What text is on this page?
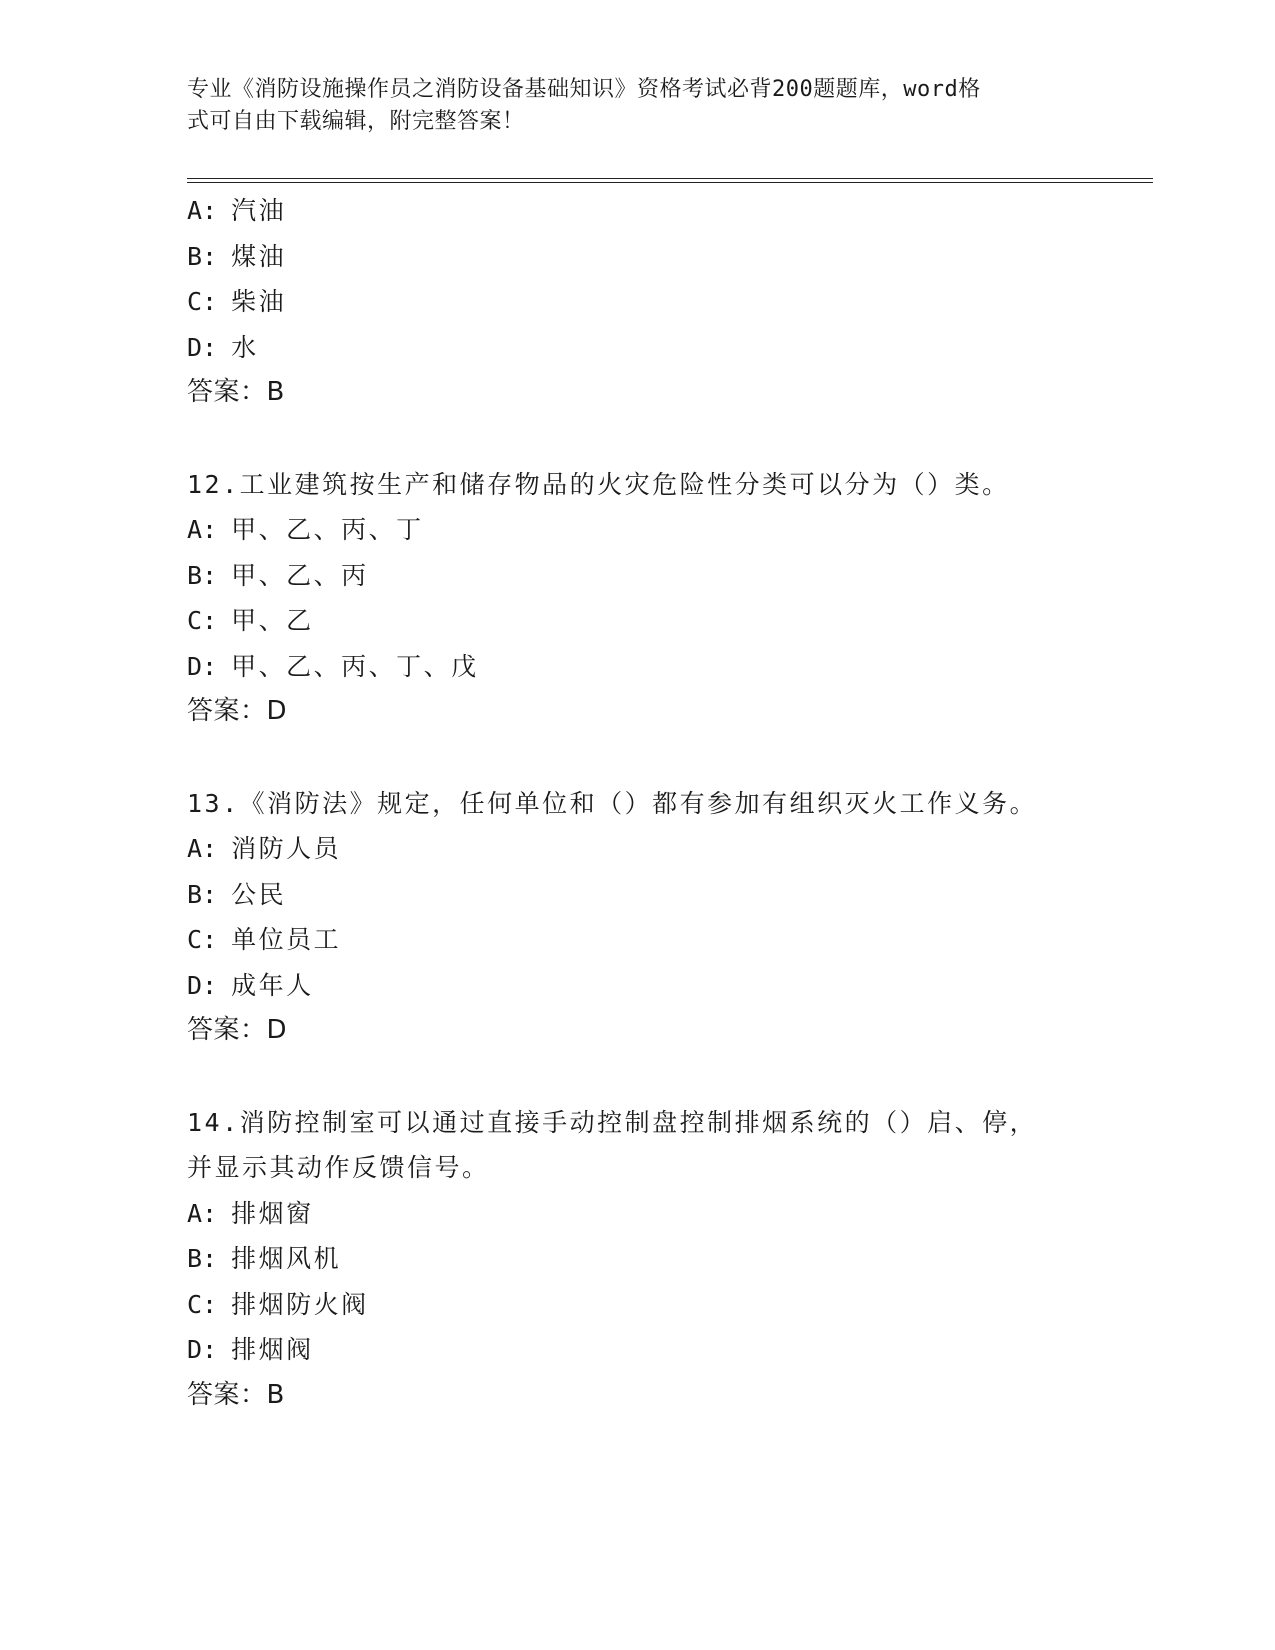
专业《消防设施操作员之消防设备基础知识》资格考试必背200题题库，word格
式可自由下载编辑，附完整答案！
A: 汽油
B: 煤油
C: 柴油
D: 水
答案：B
12.工业建筑按生产和储存物品的火灾危险性分类可以分为（）类。
A: 甲、乙、丙、丁
B: 甲、乙、丙
C: 甲、乙
D: 甲、乙、丙、丁、戊
答案：D
13.《消防法》规定，任何单位和（）都有参加有组织灭火工作义务。
A: 消防人员
B: 公民
C: 单位员工
D: 成年人
答案：D
14.消防控制室可以通过直接手动控制盘控制排烟系统的（）启、停，
并显示其动作反馈信号。
A: 排烟窗
B: 排烟风机
C: 排烟防火阀
D: 排烟阀
答案：B
